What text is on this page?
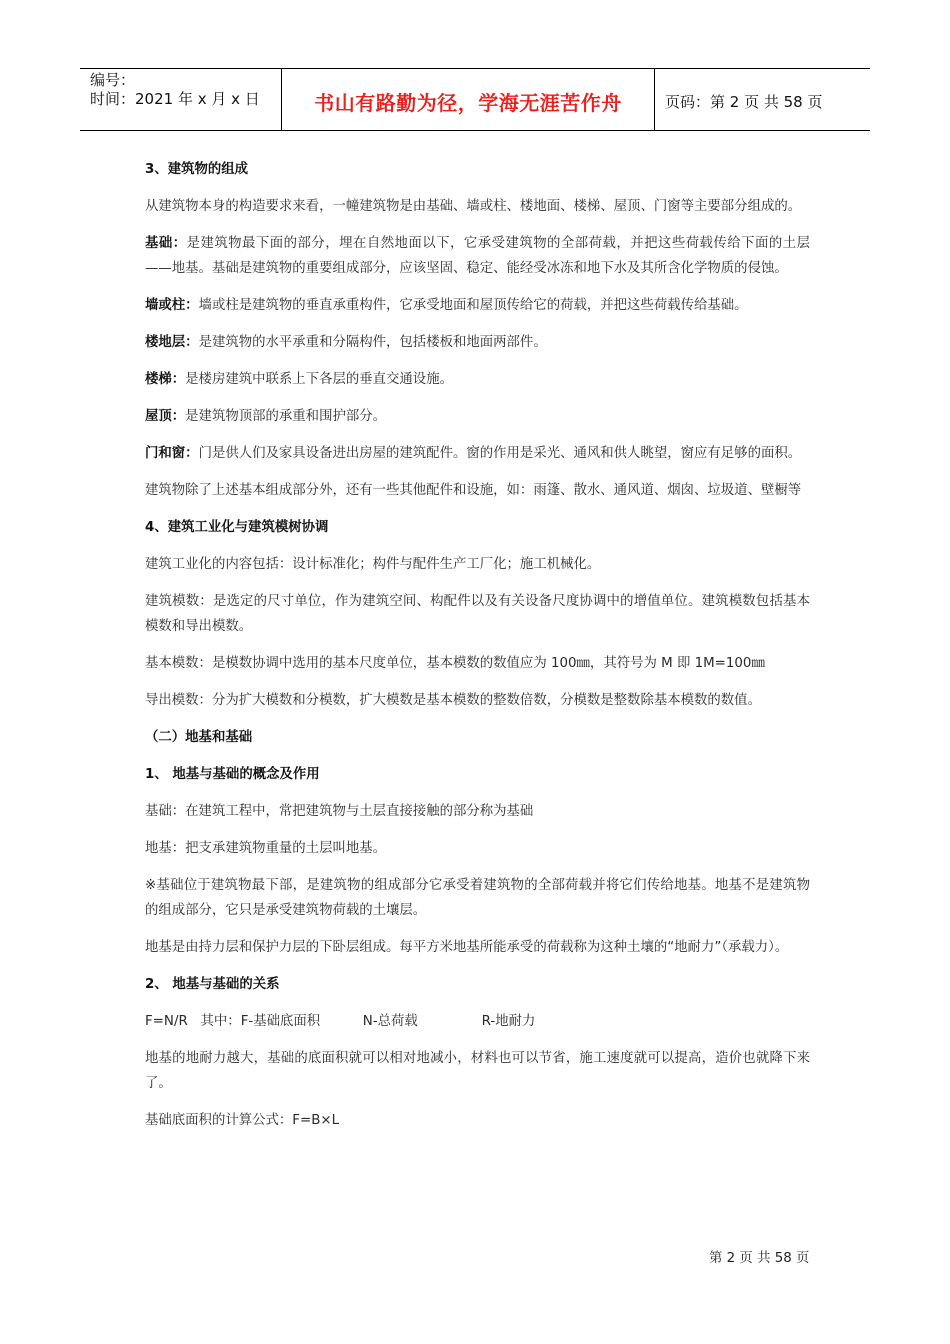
编号：
时间：2021 年 x 月 x 日	书山有路勤为径，学海无涯苦作舟	页码：第 2 页 共 58 页
3、建筑物的组成
从建筑物本身的构造要求来看，一幢建筑物是由基础、墙或柱、楼地面、楼梯、屋顶、门窗等主要部分组成的。
基础：是建筑物最下面的部分，埋在自然地面以下，它承受建筑物的全部荷载，并把这些荷载传给下面的土层——地基。基础是建筑物的重要组成部分，应该坚固、稳定、能经受冰冻和地下水及其所含化学物质的侵蚀。
墙或柱：墙或柱是建筑物的垂直承重构件，它承受地面和屋顶传给它的荷载，并把这些荷载传给基础。
楼地层：是建筑物的水平承重和分隔构件，包括楼板和地面两部件。
楼梯：是楼房建筑中联系上下各层的垂直交通设施。
屋顶：是建筑物顶部的承重和围护部分。
门和窗：门是供人们及家具设备进出房屋的建筑配件。窗的作用是采光、通风和供人眺望，窗应有足够的面积。
建筑物除了上述基本组成部分外，还有一些其他配件和设施，如：雨篷、散水、通风道、烟囱、垃圾道、壁橱等
4、建筑工业化与建筑模树协调
建筑工业化的内容包括：设计标准化；构件与配件生产工厂化；施工机械化。
建筑模数：是选定的尺寸单位，作为建筑空间、构配件以及有关设备尺度协调中的增值单位。建筑模数包括基本模数和导出模数。
基本模数：是模数协调中选用的基本尺度单位，基本模数的数值应为 100㎜，其符号为 M 即 1M=100㎜
导出模数：分为扩大模数和分模数，扩大模数是基本模数的整数倍数，分模数是整数除基本模数的数值。
（二）地基和基础
1、 地基与基础的概念及作用
基础：在建筑工程中，常把建筑物与土层直接接触的部分称为基础
地基：把支承建筑物重量的土层叫地基。
※基础位于建筑物最下部，是建筑物的组成部分它承受着建筑物的全部荷载并将它们传给地基。地基不是建筑物的组成部分，它只是承受建筑物荷载的土壤层。
地基是由持力层和保护力层的下卧层组成。每平方米地基所能承受的荷载称为这种土壤的“地耐力”（承载力）。
2、 地基与基础的关系
F=N/R   其中：F-基础底面积          N-总荷载               R-地耐力
地基的地耐力越大，基础的底面积就可以相对地减小，材料也可以节省，施工速度就可以提高，造价也就降下来了。
基础底面积的计算公式：F=B×L
第 2 页 共 58 页
